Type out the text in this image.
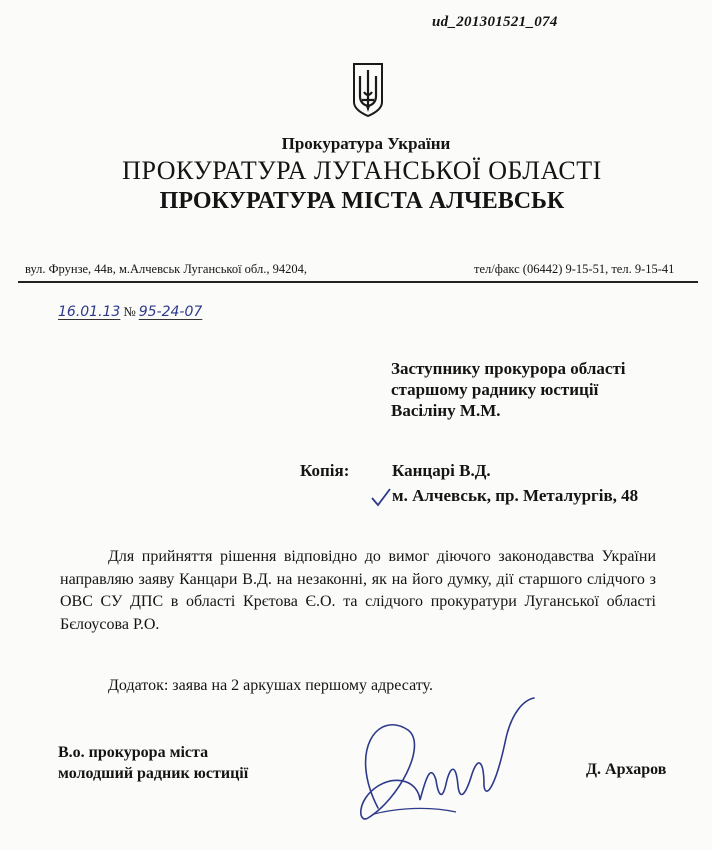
ud_201301521_074
Прокуратура України
ПРОКУРАТУРА ЛУГАНСЬКОЇ ОБЛАСТІ
ПРОКУРАТУРА МІСТА АЛЧЕВСЬК
вул. Фрунзе, 44в, м.Алчевськ Луганської обл., 94204,	тел/факс (06442) 9-15-51, тел. 9-15-41
16.01.13 № 95-24-07
Заступнику прокурора області
старшому раднику юстиції
Васіліну М.М.
Копія:	Канцарі В.Д.
м. Алчевськ, пр. Металургів, 48

Для прийняття рішення відповідно до вимог діючого законодавства України направляю заяву Канцари В.Д. на незаконні, як на його думку, дії старшого слідчого з ОВС СУ ДПС в області Крєтова Є.О. та слідчого прокуратури Луганської області Бєлоусова Р.О.

Додаток: заява на 2 аркушах першому адресату.
В.о. прокурора міста
молодший радник юстиції	Д. Архаров
